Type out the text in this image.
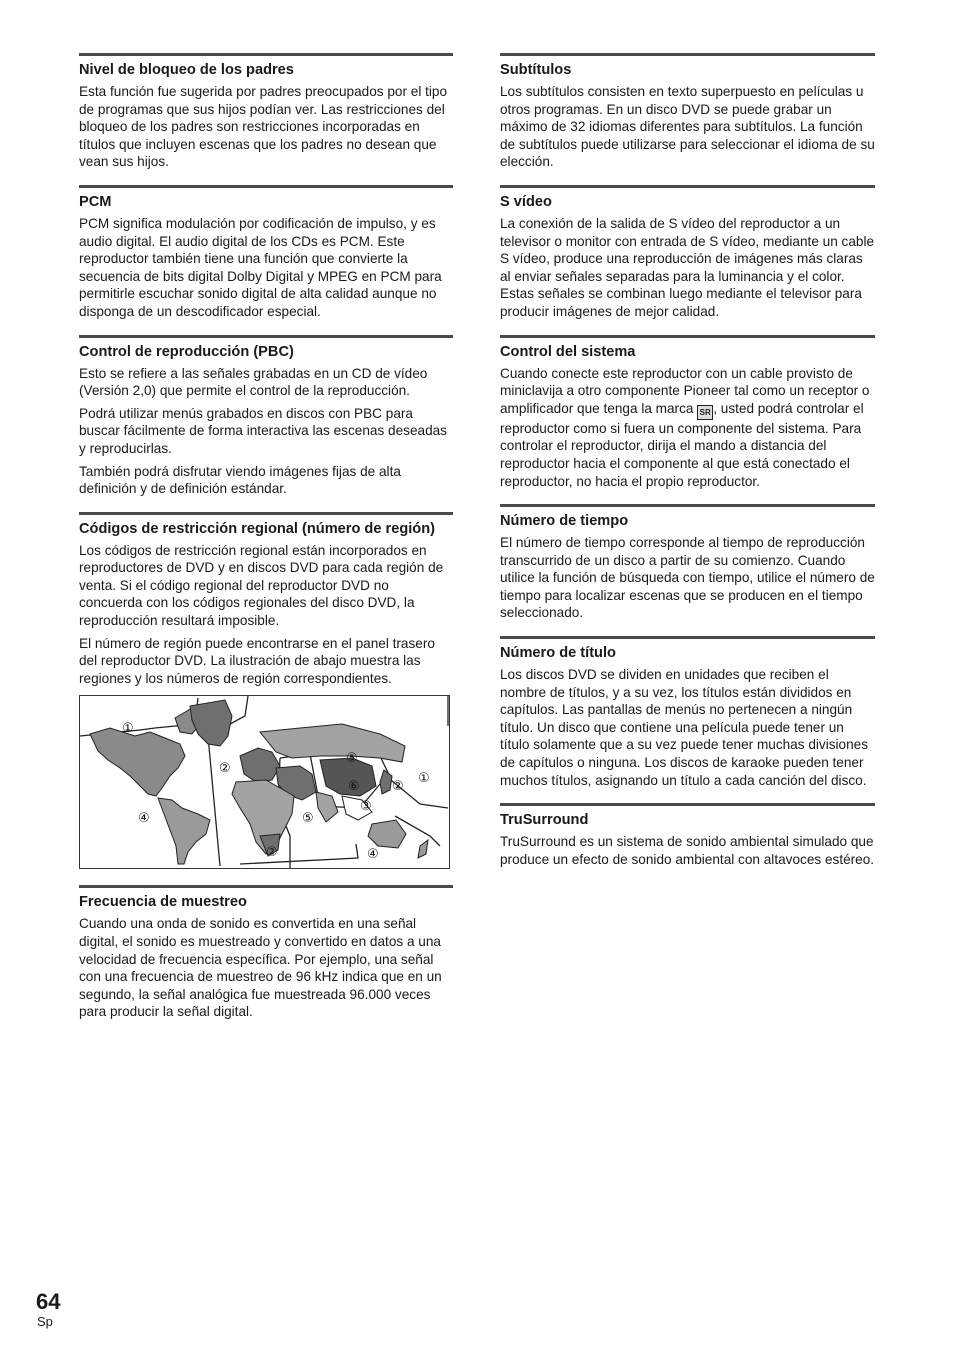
Nivel de bloqueo de los padres

Esta función fue sugerida por padres preocupados por el tipo de programas que sus hijos podían ver. Las restricciones del bloqueo de los padres son restricciones incorporadas en títulos que incluyen escenas que los padres no desean que vean sus hijos.

PCM

PCM significa modulación por codificación de impulso, y es audio digital. El audio digital de los CDs es PCM. Este reproductor también tiene una función que convierte la secuencia de bits digital Dolby Digital y MPEG en PCM para permitirle escuchar sonido digital de alta calidad aunque no disponga de un descodificador especial.

Control de reproducción (PBC)

Esto se refiere a las señales grabadas en un CD de vídeo (Versión 2,0) que permite el control de la reproducción.

Podrá utilizar menús grabados en discos con PBC para buscar fácilmente de forma interactiva las escenas deseadas y reproducirlas.

También podrá disfrutar viendo imágenes fijas de alta definición y de definición estándar.

Códigos de restricción regional (número de región)

Los códigos de restricción regional están incorporados en reproductores de DVD y en discos DVD para cada región de venta. Si el código regional del reproductor DVD no concuerda con los códigos regionales del disco DVD, la reproducción resultará imposible.

El número de región puede encontrarse en el panel trasero del reproductor DVD. La ilustración de abajo muestra las regiones y los números de región correspondientes.

①
②
⑤
①
②
⑥
③
④	⑤
②	④
Frecuencia de muestreo

Cuando una onda de sonido es convertida en una señal digital, el sonido es muestreado y convertido en datos a una velocidad de frecuencia específica. Por ejemplo, una señal con una frecuencia de muestreo de 96 kHz indica que en un segundo, la señal analógica fue muestreada 96.000 veces para producir la señal digital.

Subtítulos

Los subtítulos consisten en texto superpuesto en películas u otros programas. En un disco DVD se puede grabar un máximo de 32 idiomas diferentes para subtítulos. La función de subtítulos puede utilizarse para seleccionar el idioma de su elección.

S vídeo

La conexión de la salida de S vídeo del reproductor a un televisor o monitor con entrada de S vídeo, mediante un cable S vídeo, produce una reproducción de imágenes más claras al enviar señales separadas para la luminancia y el color. Estas señales se combinan luego mediante el televisor para producir imágenes de mejor calidad.

Control del sistema

Cuando conecte este reproductor con un cable provisto de miniclavija a otro componente Pioneer tal como un receptor o amplificador que tenga la marca SR , usted podrá controlar el reproductor como si fuera un componente del sistema. Para controlar el reproductor, dirija el mando a distancia del reproductor hacia el componente al que está conectado el reproductor, no hacia el propio reproductor.

Número de tiempo

El número de tiempo corresponde al tiempo de reproducción transcurrido de un disco a partir de su comienzo. Cuando utilice la función de búsqueda con tiempo, utilice el número de tiempo para localizar escenas que se producen en el tiempo seleccionado.

Número de título

Los discos DVD se dividen en unidades que reciben el nombre de títulos, y a su vez, los títulos están divididos en capítulos. Las pantallas de menús no pertenecen a ningún título. Un disco que contiene una película puede tener un título solamente que a su vez puede tener muchas divisiones de capítulos o ninguna. Los discos de karaoke pueden tener muchos títulos, asignando un título a cada canción del disco.

TruSurround

TruSurround es un sistema de sonido ambiental simulado que produce un efecto de sonido ambiental con altavoces estéreo.

64
Sp
